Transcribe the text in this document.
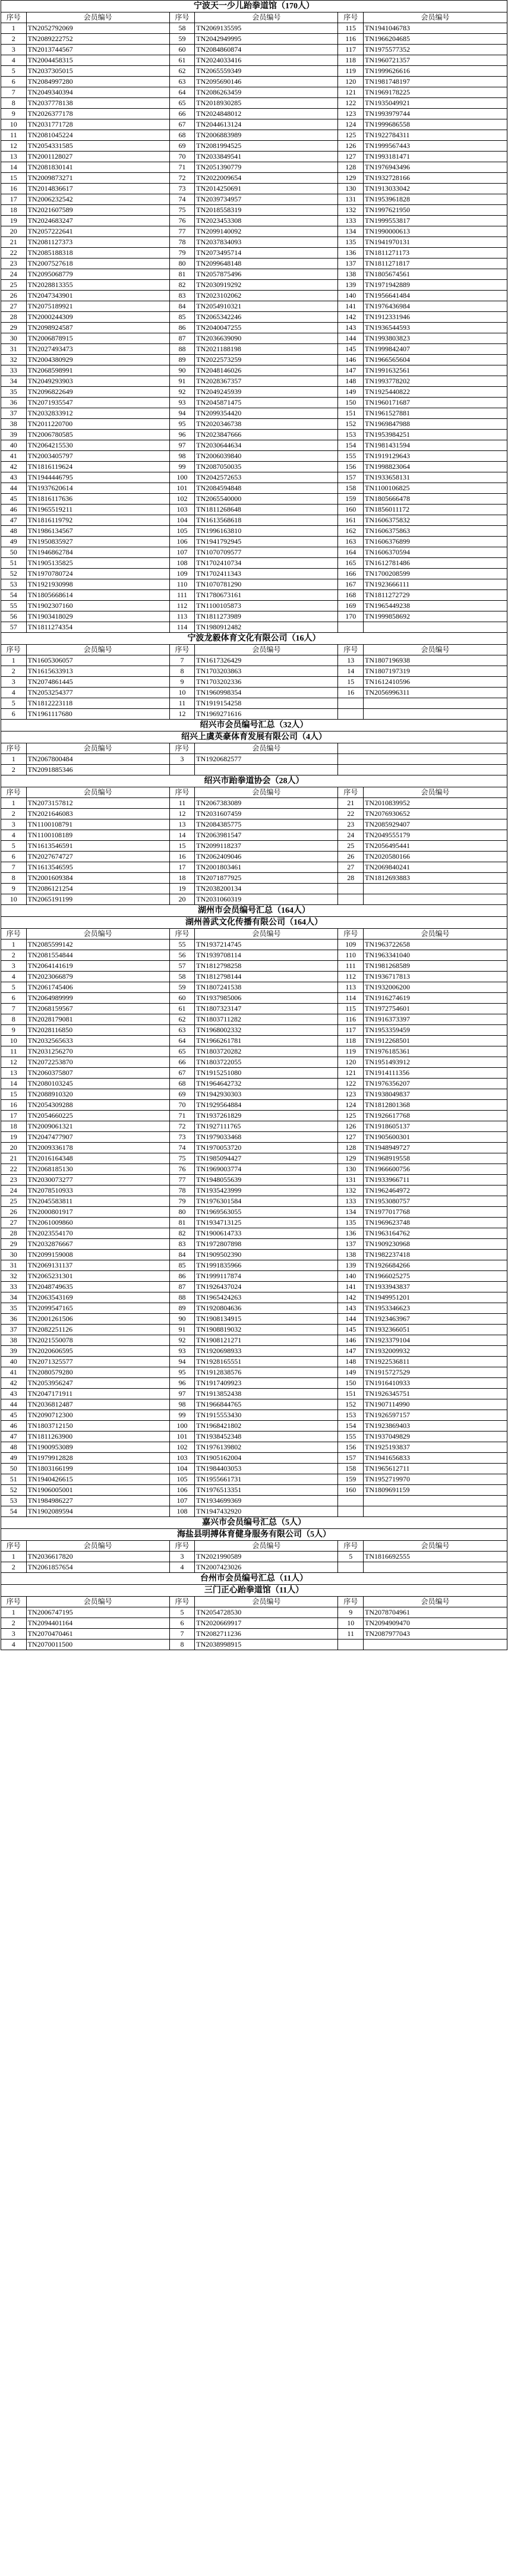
宁波天一少儿跆拳道馆（170人）					
序号	会员编号	序号	会员编号	序号	会员编号
1	TN2052792069	58	TN2069135595	115	TN1941046783
2	TN2089222752	59	TN2042949995	116	TN1966204685
3	TN2013744567	60	TN2084860874	117	TN1975577352
4	TN2004458315	61	TN2024033416	118	TN1960721357
5	TN2037305015	62	TN2065559349	119	TN1999626616
6	TN2084997280	63	TN2095690146	120	TN1981748197
7	TN2049340394	64	TN2086263459	121	TN1969178225
8	TN2037778138	65	TN2018930285	122	TN1935049921
9	TN2026377178	66	TN2024848012	123	TN1993979744
10	TN2031771728	67	TN2044613124	124	TN1999686558
11	TN2081045224	68	TN2006883989	125	TN1922784311
12	TN2054331585	69	TN2081994525	126	TN1999567443
13	TN2001128027	70	TN2033849541	127	TN1993181471
14	TN2081830141	71	TN2051390779	128	TN1976943496
15	TN2009873271	72	TN2022009654	129	TN1932728166
16	TN2014836617	73	TN2014250691	130	TN1913033042
17	TN2006232542	74	TN2039734957	131	TN1953961828
18	TN2021607589	75	TN2018558319	132	TN1997621950
19	TN2024683247	76	TN2023453308	133	TN1999553817
20	TN2057222641	77	TN2099140092	134	TN1990000613
21	TN2081127373	78	TN2037834093	135	TN1941970131
22	TN2085188318	79	TN2073495714	136	TN1811271173
23	TN2007527618	80	TN2099648148	137	TN1811271817
24	TN2095068779	81	TN2057875496	138	TN1805674561
25	TN2028813355	82	TN2030919292	139	TN1971942889
26	TN2047343901	83	TN2023102062	140	TN1956641484
27	TN2075189921	84	TN2054910321	141	TN1976436984
28	TN2000244309	85	TN2065342246	142	TN1912331946
29	TN2098924587	86	TN2040047255	143	TN1936544593
30	TN2006878915	87	TN2036639090	144	TN1993803823
31	TN2027493473	88	TN2021188198	145	TN1999842407
32	TN2004380929	89	TN2022573259	146	TN1966565604
33	TN2068598991	90	TN2048146026	147	TN1991632561
34	TN2049293903	91	TN2028367357	148	TN1993778202
35	TN2096822649	92	TN2049245939	149	TN1925440822
36	TN2071935547	93	TN2045871475	150	TN1960171687
37	TN2032833912	94	TN2099354420	151	TN1961527881
38	TN2011220700	95	TN2020346738	152	TN1969847988
39	TN2006780585	96	TN2023847666	153	TN1953984251
40	TN2064215530	97	TN2030644634	154	TN1981431594
41	TN2003405797	98	TN2006039840	155	TN1919129643
42	TN1816119624	99	TN2087050035	156	TN1998823064
43	TN1944446795	100	TN2042572653	157	TN1933658131
44	TN1937620614	101	TN2084594848	158	TN1100106825
45	TN1816117636	102	TN2065540000	159	TN1805666478
46	TN1965519211	103	TN1811268648	160	TN1856011172
47	TN1816119792	104	TN1613568618	161	TN1606375832
48	TN1986134567	105	TN1996163810	162	TN1606375863
49	TN1950835927	106	TN1941792945	163	TN1606376899
50	TN1946862784	107	TN1070709577	164	TN1606370594
51	TN1905135825	108	TN1702410734	165	TN1612781486
52	TN1970780724	109	TN1702411343	166	TN1700208599
53	TN1921930998	110	TN1070781290	167	TN1923666111
54	TN1805668614	111	TN1780673161	168	TN1811272729
55	TN1902307160	112	TN1100105873	169	TN1965449238
56	TN1903418029	113	TN1811273989	170	TN1999858692
57	TN1811274354	114	TN1980912482		
宁波龙毅体育文化有限公司（16人）					
序号	会员编号	序号	会员编号	序号	会员编号
1	TN1605306057	7	TN1617326429	13	TN1807196938
2	TN1615633913	8	TN1703203863	14	TN1807197319
3	TN2074861445	9	TN1703202336	15	TN1612410596
4	TN2053254377	10	TN1960998354	16	TN2056996311
5	TN1812223118	11	TN1919154258		
6	TN1961117680	12	TN1969271616		
绍兴市会员编号汇总（32人）					
绍兴上虞英豪体育发展有限公司（4人）					
序号	会员编号	序号	会员编号		
1	TN2067800484	3	TN1920682577		
2	TN2091885346				
绍兴市跆拳道协会（28人）					
序号	会员编号	序号	会员编号	序号	会员编号
1	TN2073157812	11	TN2067383089	21	TN2010839952
2	TN2021646083	12	TN2031607459	22	TN2076930652
3	TN1100108791	13	TN2084385775	23	TN2085929407
4	TN1100108189	14	TN2063981547	24	TN2049555179
5	TN1613546591	15	TN2099118237	25	TN2056495441
6	TN2027674727	16	TN2062409046	26	TN2020580166
7	TN1613546595	17	TN2001803461	27	TN2069840241
8	TN2001609384	18	TN2071877925	28	TN1812693883
9	TN2086121254	19	TN2038200134		
10	TN2065191199	20	TN2031060319		
湖州市会员编号汇总（164人）					
湖州善武文化传播有限公司（164人）					
序号	会员编号	序号	会员编号	序号	会员编号
1	TN2085599142	55	TN1937214745	109	TN1963722658
2	TN2081554844	56	TN1939708114	110	TN1963341040
3	TN2064141619	57	TN1812798258	111	TN1981268589
4	TN2023066879	58	TN1812798144	112	TN1936717813
5	TN2061745406	59	TN1807241538	113	TN1932006200
6	TN2064989999	60	TN1937985006	114	TN1916274619
7	TN2068159567	61	TN1807323147	115	TN1972754601
8	TN2028179081	62	TN1803711282	116	TN1916373397
9	TN2028116850	63	TN1968002332	117	TN1953359459
10	TN2032565633	64	TN1966261781	118	TN1912268501
11	TN2031256270	65	TN1803720282	119	TN1976185361
12	TN2072253870	66	TN1803722055	120	TN1951493912
13	TN2060375807	67	TN1915251080	121	TN1914111356
14	TN2080103245	68	TN1964642732	122	TN1976356207
15	TN2088910320	69	TN1942930303	123	TN1938049837
16	TN2054309288	70	TN1929564884	124	TN1812801368
17	TN2054660225	71	TN1937261829	125	TN1926617768
18	TN2009061321	72	TN1927111765	126	TN1918605137
19	TN2047477907	73	TN1979033468	127	TN1905600301
20	TN2009336178	74	TN1970053720	128	TN1948949727
21	TN2016164348	75	TN1985094427	129	TN1968919558
22	TN2068185130	76	TN1969003774	130	TN1966600756
23	TN2030073277	77	TN1948055639	131	TN1933966711
24	TN2078510933	78	TN1935423999	132	TN1962464972
25	TN2045583811	79	TN1976301584	133	TN1953080757
26	TN2000801917	80	TN1969563055	134	TN1977017768
27	TN2061009860	81	TN1934713125	135	TN1969623748
28	TN2023554170	82	TN1900614733	136	TN1963164762
29	TN2032876667	83	TN1972807898	137	TN1909230968
30	TN2099159008	84	TN1909502390	138	TN1982237418
31	TN2069131137	85	TN1991835966	139	TN1926684266
32	TN2065231301	86	TN1999117874	140	TN1966025275
33	TN2048749635	87	TN1926437024	141	TN1933943837
34	TN2063543169	88	TN1965424263	142	TN1949951201
35	TN2099547165	89	TN1920804636	143	TN1953346623
36	TN2001261506	90	TN1908134915	144	TN1923463967
37	TN2082251126	91	TN1908819032	145	TN1932366051
38	TN2021550078	92	TN1908121271	146	TN1923379104
39	TN2020606595	93	TN1920698933	147	TN1932009932
40	TN2071325577	94	TN1928165551	148	TN1922536811
41	TN2080579280	95	TN1912838576	149	TN1915727529
42	TN2053956247	96	TN1917409923	150	TN1916410933
43	TN2047171911	97	TN1913852438	151	TN1926345751
44	TN2036812487	98	TN1966844765	152	TN1907114990
45	TN2090712300	99	TN1915553430	153	TN1926597157
46	TN1803712150	100	TN1968421802	154	TN1923869403
47	TN1811263900	101	TN1938452348	155	TN1937049829
48	TN1900953089	102	TN1976139802	156	TN1925193837
49	TN1979912828	103	TN1905162004	157	TN1941656833
50	TN1803166199	104	TN1984403053	158	TN1965612711
51	TN1940426615	105	TN1955661731	159	TN1952719970
52	TN1906005001	106	TN1976513351	160	TN1809691159
53	TN1984986227	107	TN1934699369		
54	TN1902089594	108	TN1947432920		
嘉兴市会员编号汇总（5人）					
海盐县明搏体育健身服务有限公司（5人）					
序号	会员编号	序号	会员编号	序号	会员编号
1	TN2036617820	3	TN2021990589	5	TN1816692555
2	TN2061857654	4	TN2007423026		
台州市会员编号汇总（11人）					
三门正心跆拳道馆（11人）					
序号	会员编号	序号	会员编号	序号	会员编号
1	TN2006747195	5	TN2054728530	9	TN2078704961
2	TN2094401164	6	TN2020669917	10	TN2094909470
3	TN2070470461	7	TN2082711236	11	TN2087977043
4	TN2070011500	8	TN2038998915		
